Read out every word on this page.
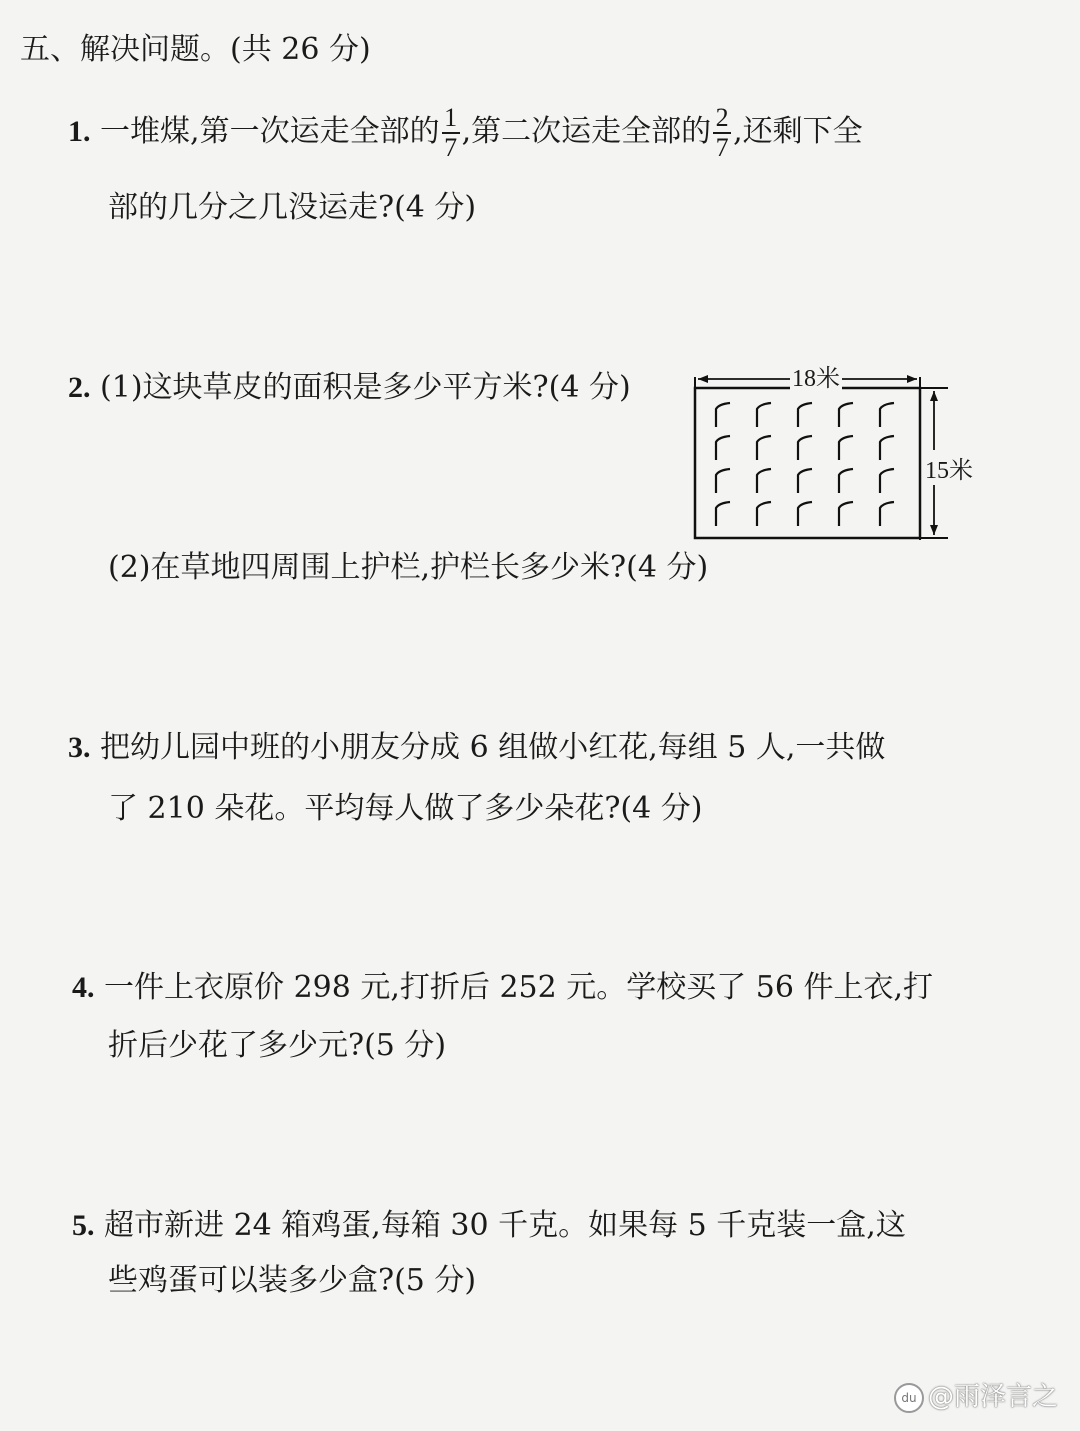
五、解决问题。(共 26 分)
1. 一堆煤,第一次运走全部的 $\frac{1}{7}$ ,第二次运走全部的 $\frac{2}{7}$ ,还剩下全
部的几分之几没运走?(4 分)
2. (1)这块草皮的面积是多少平方米?(4 分)
(2)在草地四周围上护栏,护栏长多少米?(4 分)
18米
15米
3. 把幼儿园中班的小朋友分成 6 组做小红花,每组 5 人,一共做
了 210 朵花。平均每人做了多少朵花?(4 分)
4. 一件上衣原价 298 元,打折后 252 元。学校买了 56 件上衣,打
折后少花了多少元?(5 分)
5. 超市新进 24 箱鸡蛋,每箱 30 千克。如果每 5 千克装一盒,这
些鸡蛋可以装多少盒?(5 分)
du @雨泽言之
